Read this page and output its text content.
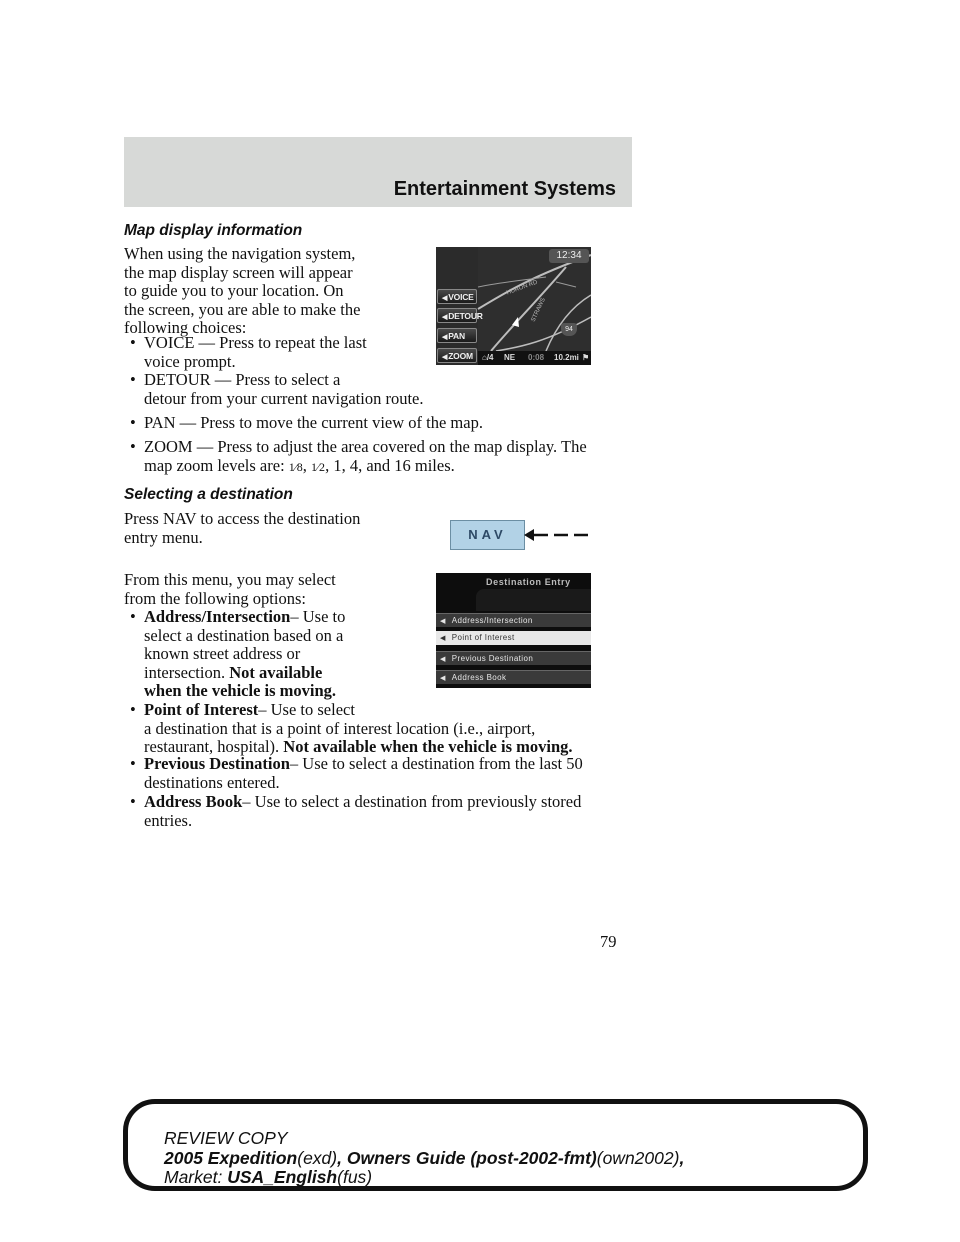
Entertainment Systems
Map display information

When using the navigation system,
the map display screen will appear
to guide you to your location. On
the screen, you are able to make the
following choices:

• VOICE — Press to repeat the last
voice prompt.
• DETOUR — Press to select a
detour from your current navigation route.
• PAN — Press to move the current view of the map.
• ZOOM — Press to adjust the area covered on the map display. The
map zoom levels are: 1⁄8, 1⁄2, 1, 4, and 16 miles.
12:34
◀VOICE
◀DETOUR
◀PAN
◀ZOOM
HURON RD
STRAWS
94
⌂/4 NE 0:08 10.2mi ⚑
Selecting a destination

Press NAV to access the destination
entry menu.	NAV

From this menu, you may select
from the following options:

• Address/Intersection– Use to
select a destination based on a
known street address or
intersection. Not available
when the vehicle is moving.
• Point of Interest– Use to select
a destination that is a point of interest location (i.e., airport,
restaurant, hospital). Not available when the vehicle is moving.
• Previous Destination– Use to select a destination from the last 50
destinations entered.
• Address Book– Use to select a destination from previously stored
entries.
Destination Entry
◀ Address/Intersection
◀ Point of Interest
◀ Previous Destination
◀ Address Book

79

REVIEW COPY

2005 Expedition(exd), Owners Guide (post-2002-fmt)(own2002),

Market: USA_English(fus)
